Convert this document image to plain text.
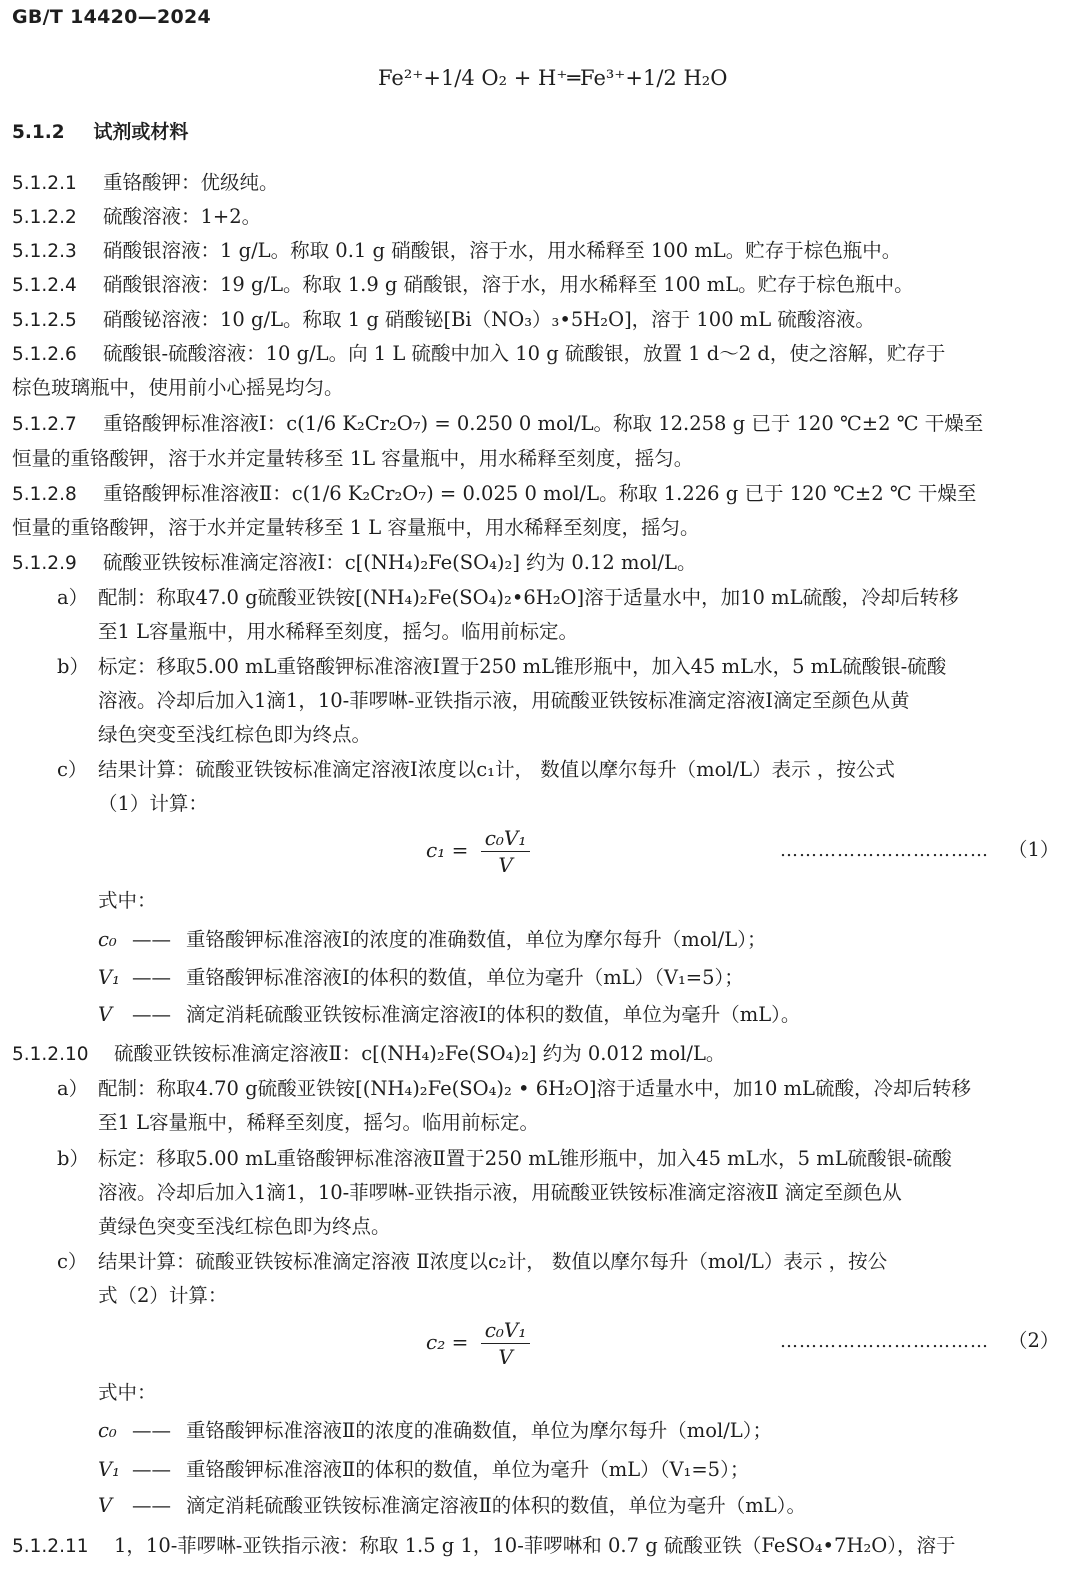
GB/T 14420—2024
Fe²⁺+1/4 O₂ + H⁺═Fe³⁺+1/2 H₂O
5.1.2 试剂或材料
5.1.2.1 重铬酸钾：优级纯。
5.1.2.2 硫酸溶液：1+2。
5.1.2.3 硝酸银溶液：1 g/L。称取 0.1 g 硝酸银，溶于水，用水稀释至 100 mL。贮存于棕色瓶中。
5.1.2.4 硝酸银溶液：19 g/L。称取 1.9 g 硝酸银，溶于水，用水稀释至 100 mL。贮存于棕色瓶中。
5.1.2.5 硝酸铋溶液：10 g/L。称取 1 g 硝酸铋[Bi（NO₃）₃•5H₂O]，溶于 100 mL 硫酸溶液。
5.1.2.6 硫酸银-硫酸溶液：10 g/L。向 1 L 硫酸中加入 10 g 硫酸银，放置 1 d～2 d，使之溶解，贮存于
棕色玻璃瓶中，使用前小心摇晃均匀。
5.1.2.7 重铬酸钾标准溶液Ⅰ：c(1/6 K₂Cr₂O₇) = 0.250 0 mol/L。称取 12.258 g 已于 120 ℃±2 ℃ 干燥至
恒量的重铬酸钾，溶于水并定量转移至 1L 容量瓶中，用水稀释至刻度，摇匀。
5.1.2.8 重铬酸钾标准溶液Ⅱ：c(1/6 K₂Cr₂O₇) = 0.025 0 mol/L。称取 1.226 g 已于 120 ℃±2 ℃ 干燥至
恒量的重铬酸钾，溶于水并定量转移至 1 L 容量瓶中，用水稀释至刻度，摇匀。
5.1.2.9 硫酸亚铁铵标准滴定溶液Ⅰ：c[(NH₄)₂Fe(SO₄)₂] 约为 0.12 mol/L。
a） 配制：称取47.0 g硫酸亚铁铵[(NH₄)₂Fe(SO₄)₂•6H₂O]溶于适量水中，加10 mL硫酸，冷却后转移
至1 L容量瓶中，用水稀释至刻度，摇匀。临用前标定。
b） 标定：移取5.00 mL重铬酸钾标准溶液Ⅰ置于250 mL锥形瓶中，加入45 mL水，5 mL硫酸银-硫酸
溶液。冷却后加入1滴1，10-菲啰啉-亚铁指示液，用硫酸亚铁铵标准滴定溶液Ⅰ滴定至颜色从黄
绿色突变至浅红棕色即为终点。
c） 结果计算：硫酸亚铁铵标准滴定溶液Ⅰ浓度以c₁计， 数值以摩尔每升（mol/L）表示 ，按公式
（1）计算：
$c_1 = \frac{\text{c₀V₁}}{V}$	…………………………… （1）
式中：
c₀ —— 重铬酸钾标准溶液Ⅰ的浓度的准确数值，单位为摩尔每升（mol/L）；
V₁ —— 重铬酸钾标准溶液Ⅰ的体积的数值，单位为毫升（mL）（V₁=5）；
V —— 滴定消耗硫酸亚铁铵标准滴定溶液Ⅰ的体积的数值，单位为毫升（mL）。
5.1.2.10 硫酸亚铁铵标准滴定溶液Ⅱ：c[(NH₄)₂Fe(SO₄)₂] 约为 0.012 mol/L。
a） 配制：称取4.70 g硫酸亚铁铵[(NH₄)₂Fe(SO₄)₂ • 6H₂O]溶于适量水中，加10 mL硫酸，冷却后转移
至1 L容量瓶中，稀释至刻度，摇匀。临用前标定。
b） 标定：移取5.00 mL重铬酸钾标准溶液Ⅱ置于250 mL锥形瓶中，加入45 mL水，5 mL硫酸银-硫酸
溶液。冷却后加入1滴1，10-菲啰啉-亚铁指示液，用硫酸亚铁铵标准滴定溶液Ⅱ 滴定至颜色从
黄绿色突变至浅红棕色即为终点。
c） 结果计算：硫酸亚铁铵标准滴定溶液 Ⅱ浓度以c₂计， 数值以摩尔每升（mol/L）表示 ，按公
式（2）计算：
$c_2 = \frac{\text{c₀V₁}}{V}$	…………………………… （2）
式中：
c₀ —— 重铬酸钾标准溶液Ⅱ的浓度的准确数值，单位为摩尔每升（mol/L）；
V₁ —— 重铬酸钾标准溶液Ⅱ的体积的数值，单位为毫升（mL）（V₁=5）；
V —— 滴定消耗硫酸亚铁铵标准滴定溶液Ⅱ的体积的数值，单位为毫升（mL）。
5.1.2.11 1，10-菲啰啉-亚铁指示液：称取 1.5 g 1，10-菲啰啉和 0.7 g 硫酸亚铁（FeSO₄•7H₂O），溶于
